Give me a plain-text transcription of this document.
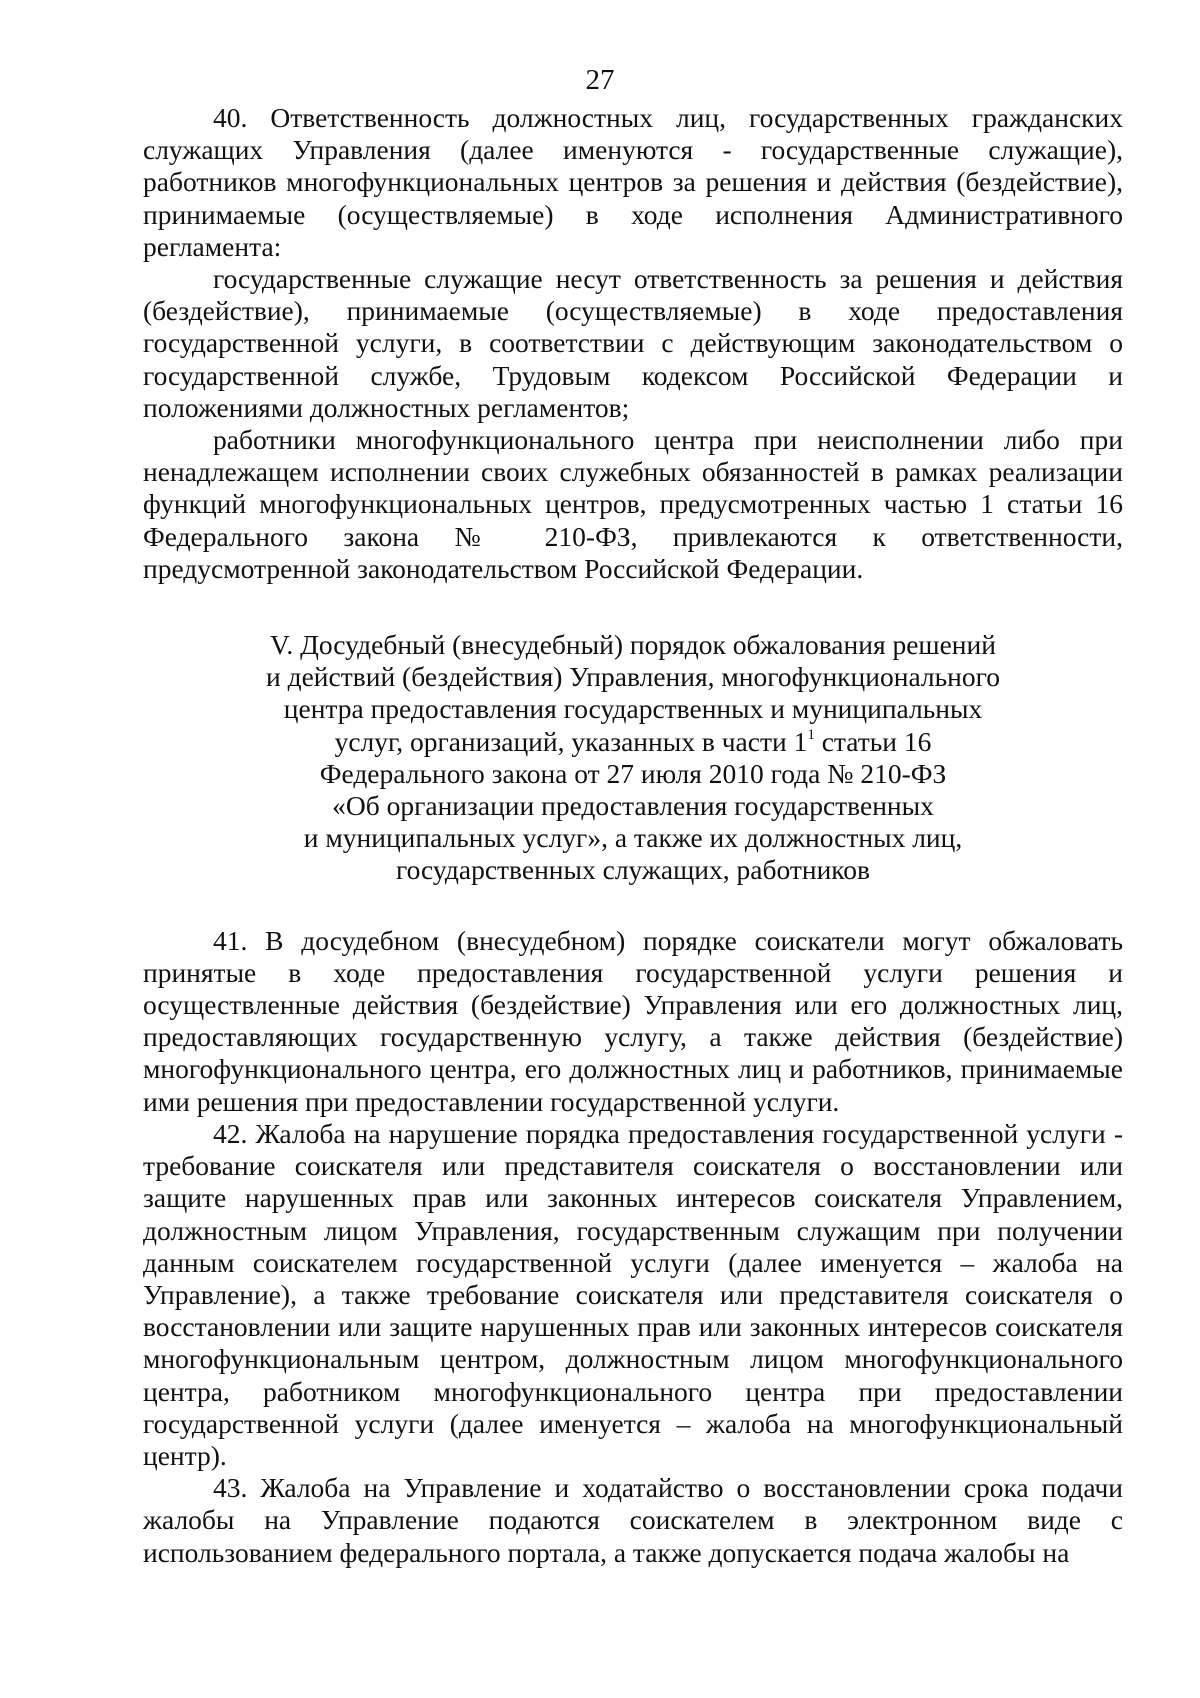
27

40. Ответственность должностных лиц, государственных гражданских служащих Управления (далее именуются - государственные служащие), работников многофункциональных центров за решения и действия (бездействие), принимаемые (осуществляемые) в ходе исполнения Административного регламента:

государственные служащие несут ответственность за решения и действия (бездействие), принимаемые (осуществляемые) в ходе предоставления государственной услуги, в соответствии с действующим законодательством о государственной службе, Трудовым кодексом Российской Федерации и положениями должностных регламентов;

работники многофункционального центра при неисполнении либо при ненадлежащем исполнении своих служебных обязанностей в рамках реализации функций многофункциональных центров, предусмотренных частью 1 статьи 16 Федерального закона № 210-ФЗ, привлекаются к ответственности, предусмотренной законодательством Российской Федерации.

V. Досудебный (внесудебный) порядок обжалования решений
и действий (бездействия) Управления, многофункционального
центра предоставления государственных и муниципальных
услуг, организаций, указанных в части $1^1$ статьи 16
Федерального закона от 27 июля 2010 года № 210-ФЗ
«Об организации предоставления государственных
и муниципальных услуг», а также их должностных лиц,
государственных служащих, работников

41. В досудебном (внесудебном) порядке соискатели могут обжаловать принятые в ходе предоставления государственной услуги решения и осуществленные действия (бездействие) Управления или его должностных лиц, предоставляющих государственную услугу, а также действия (бездействие) многофункционального центра, его должностных лиц и работников, принимаемые ими решения при предоставлении государственной услуги.

42. Жалоба на нарушение порядка предоставления государственной услуги - требование соискателя или представителя соискателя о восстановлении или защите нарушенных прав или законных интересов соискателя Управлением, должностным лицом Управления, государственным служащим при получении данным соискателем государственной услуги (далее именуется – жалоба на Управление), а также требование соискателя или представителя соискателя о восстановлении или защите нарушенных прав или законных интересов соискателя многофункциональным центром, должностным лицом многофункционального центра, работником многофункционального центра при предоставлении государственной услуги (далее именуется – жалоба на многофункциональный центр).

43. Жалоба на Управление и ходатайство о восстановлении срока подачи жалобы на Управление подаются соискателем в электронном виде с использованием федерального портала, а также допускается подача жалобы на
